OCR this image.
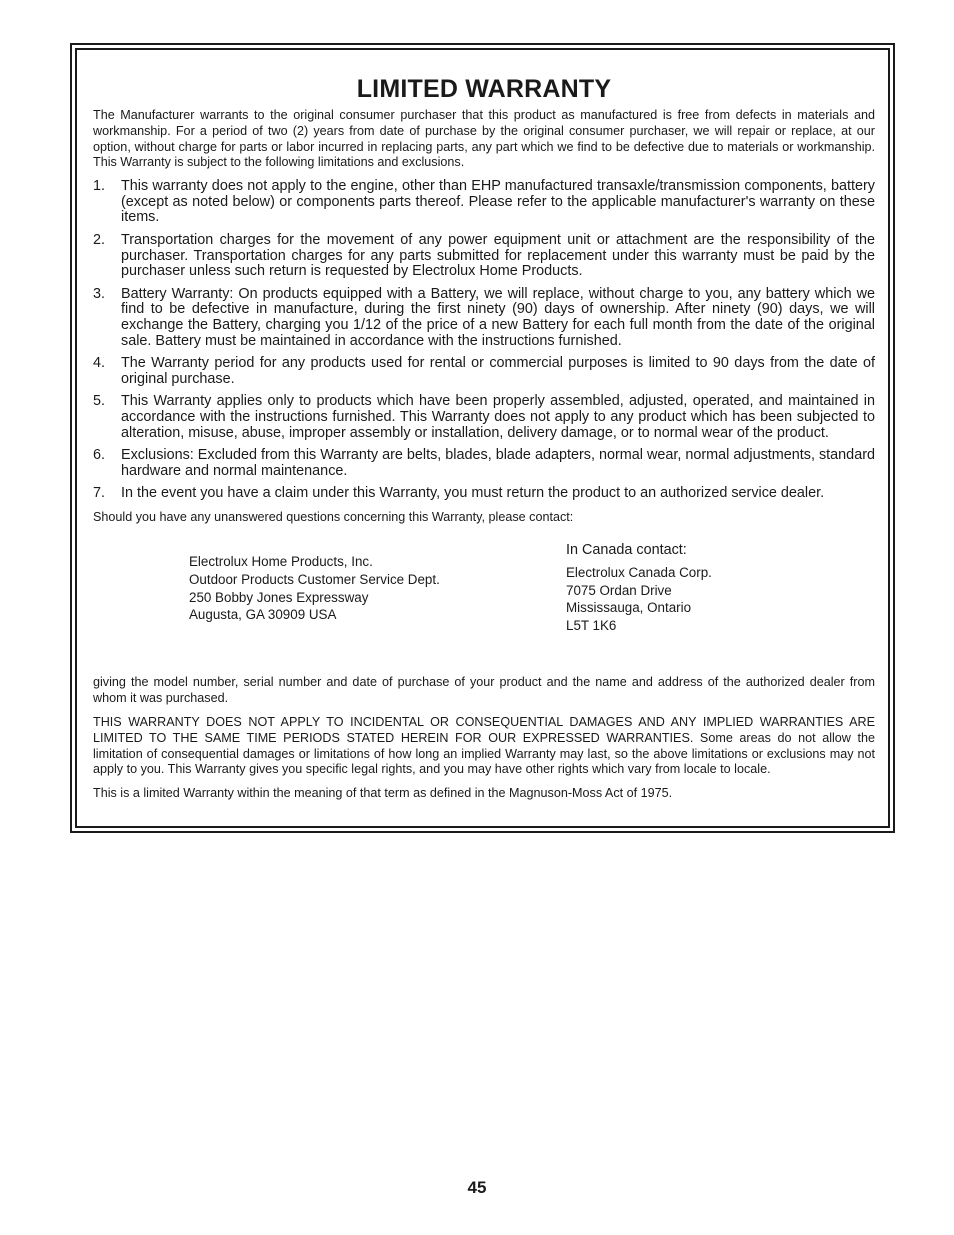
LIMITED WARRANTY

The Manufacturer warrants to the original consumer purchaser that this product as manufactured is free from defects in materials and workmanship. For a period of two (2) years from date of purchase by the original consumer purchaser, we will repair or replace, at our option, without charge for parts or labor incurred in replacing parts, any part which we find to be defective due to materials or workmanship. This Warranty is subject to the following limitations and exclusions.

1.	This warranty does not apply to the engine, other than EHP manufactured transaxle/transmission components, battery (except as noted below) or components parts thereof. Please refer to the applicable manufacturer's warranty on these items.
2.	Transportation charges for the movement of any power equipment unit or attachment are the responsibility of the purchaser. Transportation charges for any parts submitted for replacement under this warranty must be paid by the purchaser unless such return is requested by Electrolux Home Products.
3.	Battery Warranty: On products equipped with a Battery, we will replace, without charge to you, any battery which we find to be defective in manufacture, during the first ninety (90) days of ownership. After ninety (90) days, we will exchange the Battery, charging you 1/12 of the price of a new Battery for each full month from the date of the original sale. Battery must be maintained in accordance with the instructions furnished.
4.	The Warranty period for any products used for rental or commercial purposes is limited to 90 days from the date of original purchase.
5.	This Warranty applies only to products which have been properly assembled, adjusted, operated, and maintained in accordance with the instructions furnished. This Warranty does not apply to any product which has been subjected to alteration, misuse, abuse, improper assembly or installation, delivery damage, or to normal wear of the product.
6.	Exclusions: Excluded from this Warranty are belts, blades, blade adapters, normal wear, normal adjustments, standard hardware and normal maintenance.
7.	In the event you have a claim under this Warranty, you must return the product to an authorized service dealer.

Should you have any unanswered questions concerning this Warranty, please contact:

Electrolux Home Products, Inc.
Outdoor Products Customer Service Dept.
250 Bobby Jones Expressway
Augusta, GA 30909 USA
In Canada contact:
Electrolux Canada Corp.
7075 Ordan Drive
Mississauga, Ontario
L5T 1K6

giving the model number, serial number and date of purchase of your product and the name and address of the authorized dealer from whom it was purchased.

THIS WARRANTY DOES NOT APPLY TO INCIDENTAL OR CONSEQUENTIAL DAMAGES AND ANY IMPLIED WARRANTIES ARE LIMITED TO THE SAME TIME PERIODS STATED HEREIN FOR OUR EXPRESSED WARRANTIES. Some areas do not allow the limitation of consequential damages or limitations of how long an implied Warranty may last, so the above limitations or exclusions may not apply to you. This Warranty gives you specific legal rights, and you may have other rights which vary from locale to locale.

This is a limited Warranty within the meaning of that term as defined in the Magnuson-Moss Act of 1975.

45
